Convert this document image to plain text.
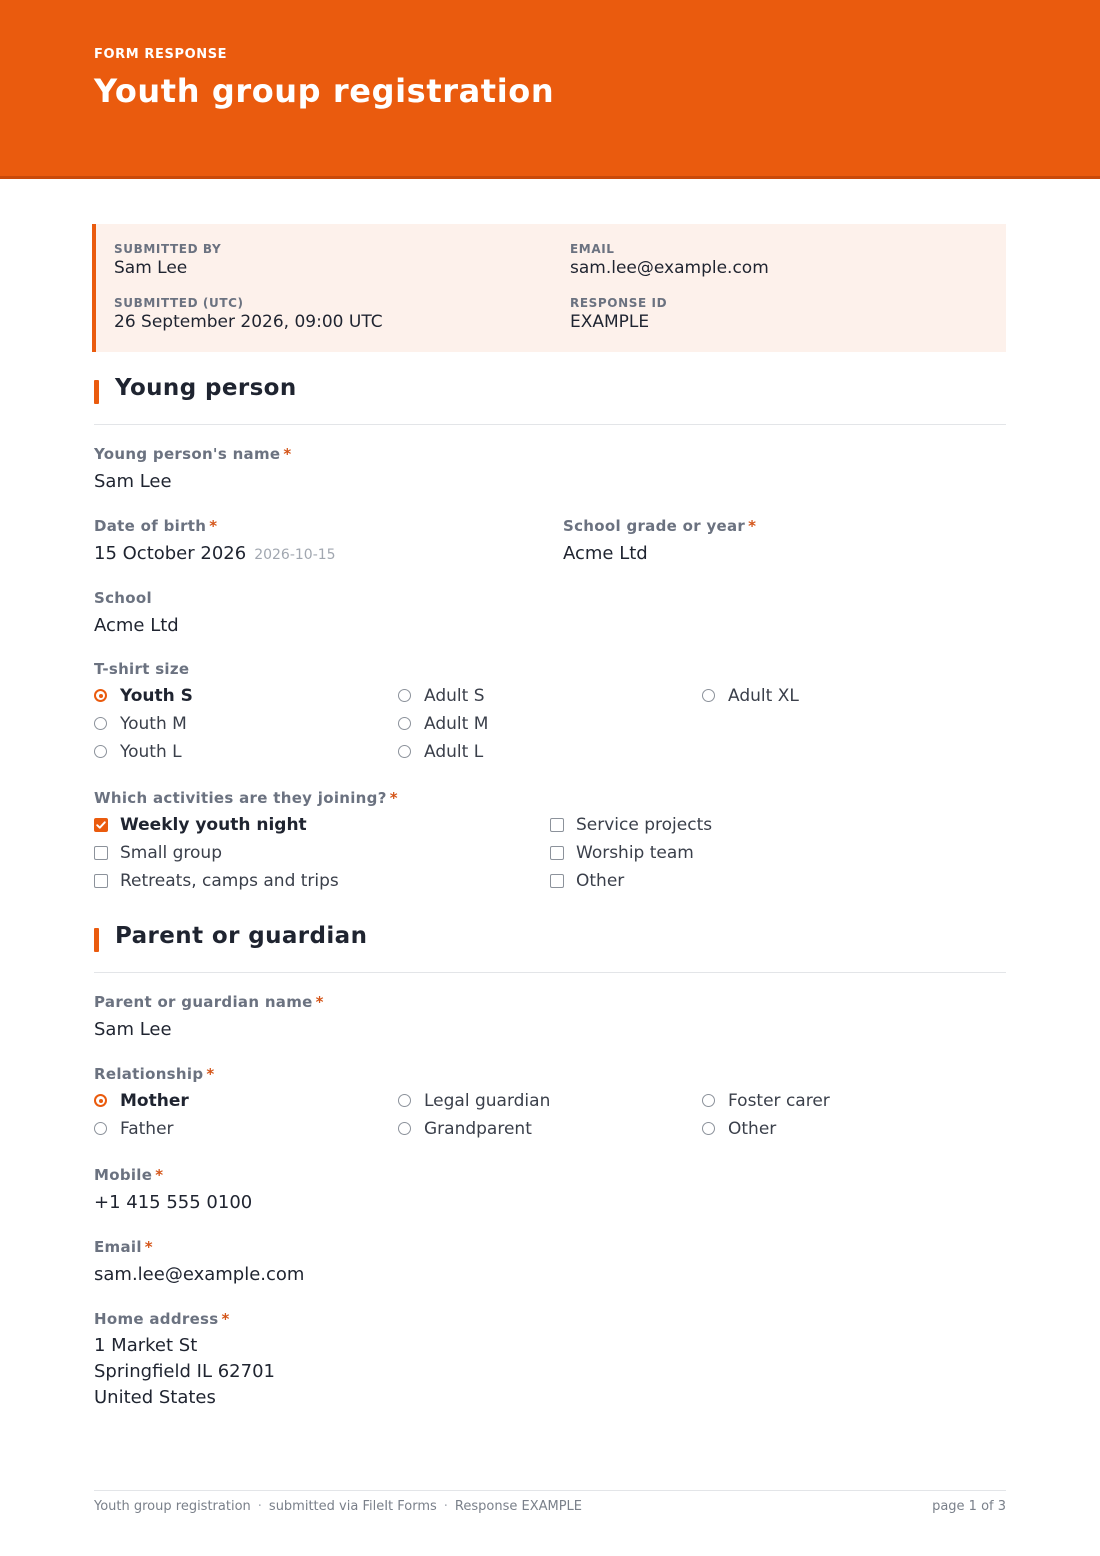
FORM RESPONSE
Youth group registration
SUBMITTED BY
Sam Lee
EMAIL
sam.lee@example.com
SUBMITTED (UTC)
26 September 2026, 09:00 UTC
RESPONSE ID
EXAMPLE
Young person
Young person's name *
Sam Lee
Date of birth *
15 October 2026 2026-10-15
School grade or year *
Acme Ltd
School
Acme Ltd
T-shirt size
Youth S
Youth M
Youth L
Adult S
Adult M
Adult L
Adult XL
Which activities are they joining? *
Weekly youth night
Small group
Retreats, camps and trips
Service projects
Worship team
Other
Parent or guardian
Parent or guardian name *
Sam Lee
Relationship *
Mother
Father
Legal guardian
Grandparent
Foster carer
Other
Mobile *
+1 415 555 0100
Email *
sam.lee@example.com
Home address *
1 Market St
Springfield IL 62701
United States
Youth group registration · submitted via FileIt Forms · Response EXAMPLE	page 1 of 3
